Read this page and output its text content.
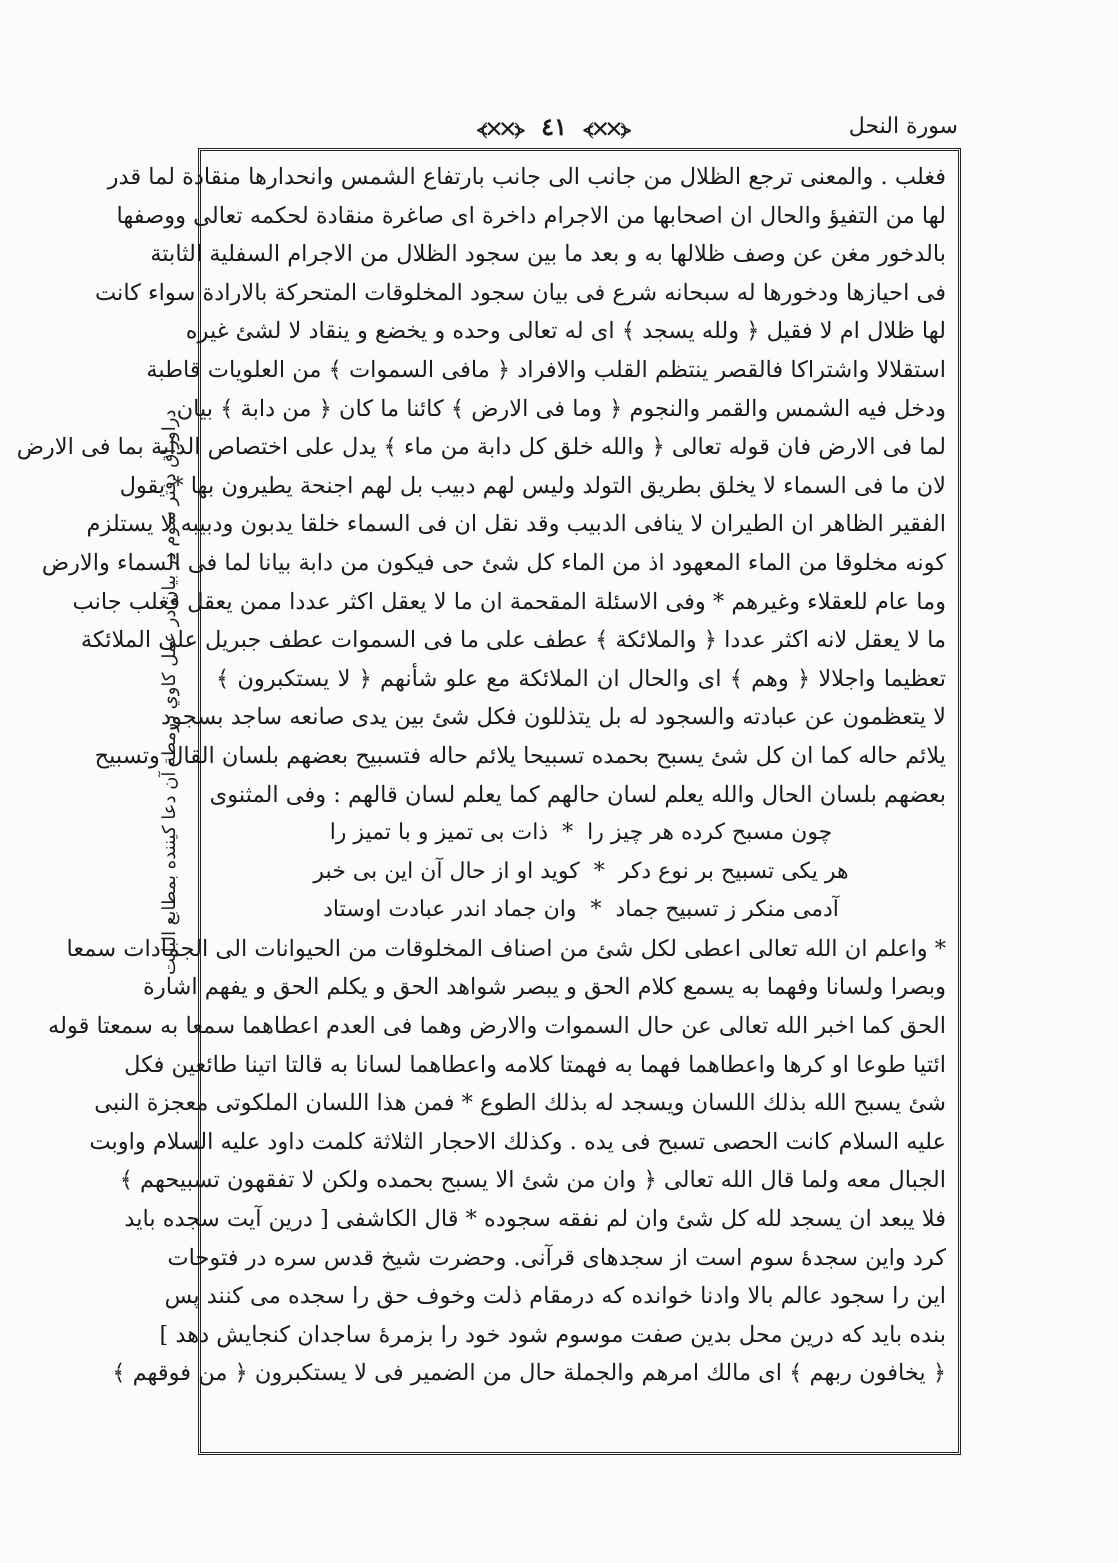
سورة النحل
⦓✕✕⦔ ٤١ ⦓✕✕⦔
دراوراق دفتر سوم در بيان در عمل كاوي درمطة آن دعا كيننده بمطابع البايت
فغلب . والمعنى ترجع الظلال من جانب الى جانب بارتفاع الشمس وانحدارها منقادة لما قدر
لها من التفيؤ والحال ان اصحابها من الاجرام داخرة اى صاغرة منقادة لحكمه تعالى ووصفها
بالدخور مغن عن وصف ظلالها به و بعد ما بين سجود الظلال من الاجرام السفلية الثابتة
فى احيازها ودخورها له سبحانه شرع فى بيان سجود المخلوقات المتحركة بالارادة سواء كانت
لها ظلال ام لا فقيل ﴿ ولله يسجد ﴾ اى له تعالى وحده و يخضع و ينقاد لا لشئ غيره
استقلالا واشتراكا فالقصر ينتظم القلب والافراد ﴿ مافى السموات ﴾ من العلويات قاطبة
ودخل فيه الشمس والقمر والنجوم ﴿ وما فى الارض ﴾ كائنا ما كان ﴿ من دابة ﴾ بيان
لما فى الارض فان قوله تعالى ﴿ والله خلق كل دابة من ماء ﴾ يدل على اختصاص الدابة بما فى الارض
لان ما فى السماء لا يخلق بطريق التولد وليس لهم دبيب بل لهم اجنحة يطيرون بها * يقول
الفقير الظاهر ان الطيران لا ينافى الدبيب وقد نقل ان فى السماء خلقا يدبون ودبيبه لا يستلزم
كونه مخلوقا من الماء المعهود اذ من الماء كل شئ حى فيكون من دابة بيانا لما فى السماء والارض
وما عام للعقلاء وغيرهم * وفى الاسئلة المقحمة ان ما لا يعقل اكثر عددا ممن يعقل فغلب جانب
ما لا يعقل لانه اكثر عددا ﴿ والملائكة ﴾ عطف على ما فى السموات عطف جبريل على الملائكة
تعظيما واجلالا ﴿ وهم ﴾ اى والحال ان الملائكة مع علو شأنهم ﴿ لا يستكبرون ﴾
لا يتعظمون عن عبادته والسجود له بل يتذللون فكل شئ بين يدى صانعه ساجد بسجود
يلائم حاله كما ان كل شئ يسبح بحمده تسبيحا يلائم حاله فتسبيح بعضهم بلسان القال وتسبيح
بعضهم بلسان الحال والله يعلم لسان حالهم كما يعلم لسان قالهم : وفى المثنوى
چون مسبح كرده هر چيز را*ذات بى تميز و با تميز را
هر يكى تسبيح بر نوع دكر*كويد او از حال آن اين بى خبر
آدمى منكر ز تسبيح جماد*وان جماد اندر عبادت اوستاد
* واعلم ان الله تعالى اعطى لكل شئ من اصناف المخلوقات من الحيوانات الى الجمادات سمعا
وبصرا ولسانا وفهما به يسمع كلام الحق و يبصر شواهد الحق و يكلم الحق و يفهم اشارة
الحق كما اخبر الله تعالى عن حال السموات والارض وهما فى العدم اعطاهما سمعا به سمعتا قوله
ائتيا طوعا او كرها واعطاهما فهما به فهمتا كلامه واعطاهما لسانا به قالتا اتينا طائعين فكل
شئ يسبح الله بذلك اللسان ويسجد له بذلك الطوع * فمن هذا اللسان الملكوتى معجزة النبى
عليه السلام كانت الحصى تسبح فى يده . وكذلك الاحجار الثلاثة كلمت داود عليه السلام واوبت
الجبال معه ولما قال الله تعالى ﴿ وان من شئ الا يسبح بحمده ولكن لا تفقهون تسبيحهم ﴾
فلا يبعد ان يسجد لله كل شئ وان لم نفقه سجوده * قال الكاشفى [ درين آيت سجده بايد
كرد واين سجدهٔ سوم است از سجدهاى قرآنى. وحضرت شيخ قدس سره در فتوحات
اين را سجود عالم بالا وادنا خوانده كه درمقام ذلت وخوف حق را سجده مى كنند پس
بنده بايد كه درين محل بدين صفت موسوم شود خود را بزمرهٔ ساجدان كنجايش دهد ]
﴿ يخافون ربهم ﴾ اى مالك امرهم والجملة حال من الضمير فى لا يستكبرون ﴿ من فوقهم ﴾
